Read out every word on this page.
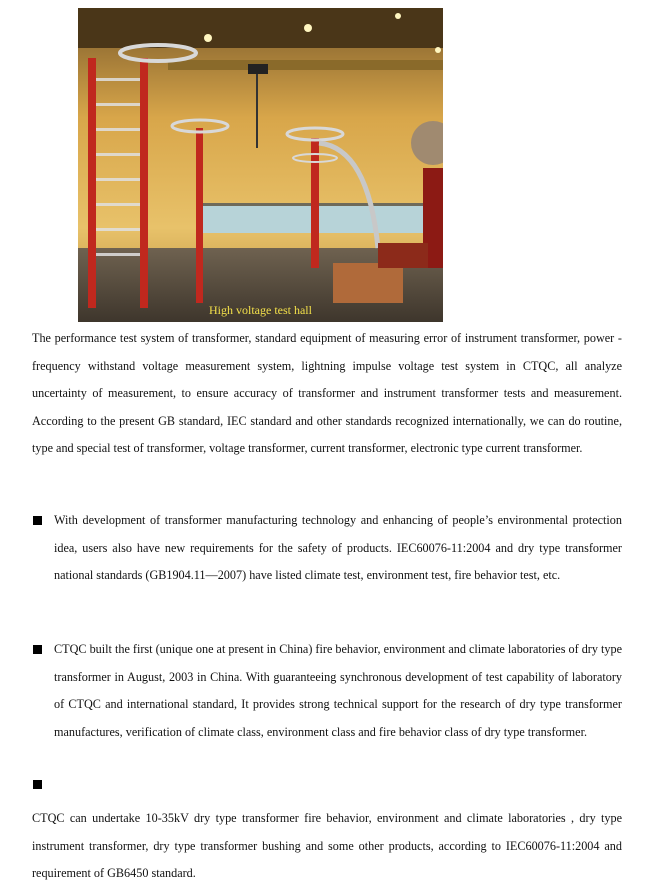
High voltage test hall

The performance test system of transformer, standard equipment of measuring error of instrument transformer, power -frequency withstand voltage measurement system, lightning impulse voltage test system in CTQC, all analyze uncertainty of measurement, to ensure accuracy of transformer and instrument transformer tests and measurement. According to the present GB standard, IEC standard and other standards recognized internationally, we can do routine, type and special test of transformer, voltage transformer, current transformer, electronic type current transformer.

With development of transformer manufacturing technology and enhancing of people’s environmental protection idea, users also have new requirements for the safety of products. IEC60076-11:2004 and dry type transformer national standards (GB1904.11—2007) have listed climate test, environment test, fire behavior test, etc.

CTQC built the first (unique one at present in China) fire behavior, environment and climate laboratories of dry type transformer in August, 2003 in China. With guaranteeing synchronous development of test capability of laboratory of CTQC and international standard, It provides strong technical support for the research of dry type transformer manufactures, verification of climate class, environment class and fire behavior class of dry type transformer.

CTQC can undertake 10-35kV dry type transformer fire behavior, environment and climate laboratories , dry type instrument transformer, dry type transformer bushing and some other products, according to IEC60076-11:2004 and requirement of GB6450 standard.
